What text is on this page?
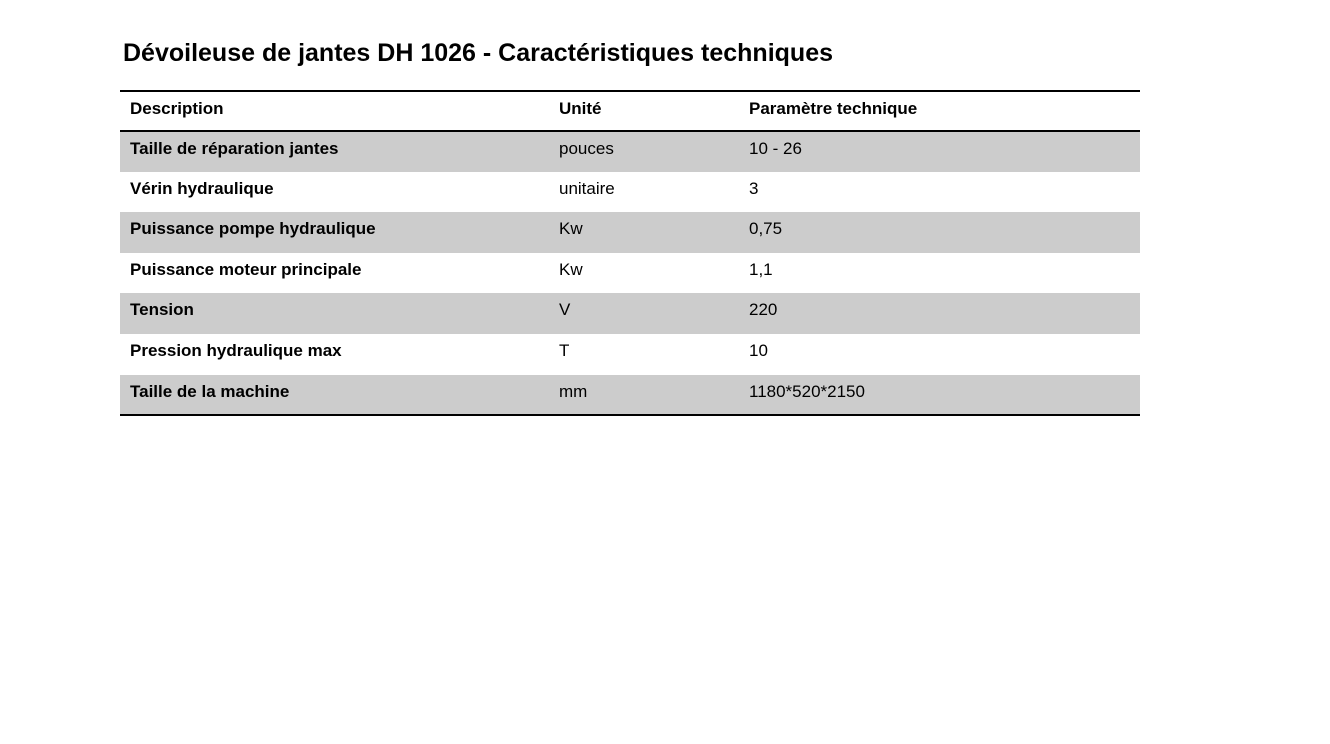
Dévoileuse de jantes DH 1026 - Caractéristiques techniques
Description	Unité	Paramètre technique
Taille de réparation jantes	pouces	10 - 26
Vérin hydraulique	unitaire	3
Puissance pompe hydraulique	Kw	0,75
Puissance moteur principale	Kw	1,1
Tension	V	220
Pression hydraulique max	T	10
Taille de la machine	mm	1180*520*2150
